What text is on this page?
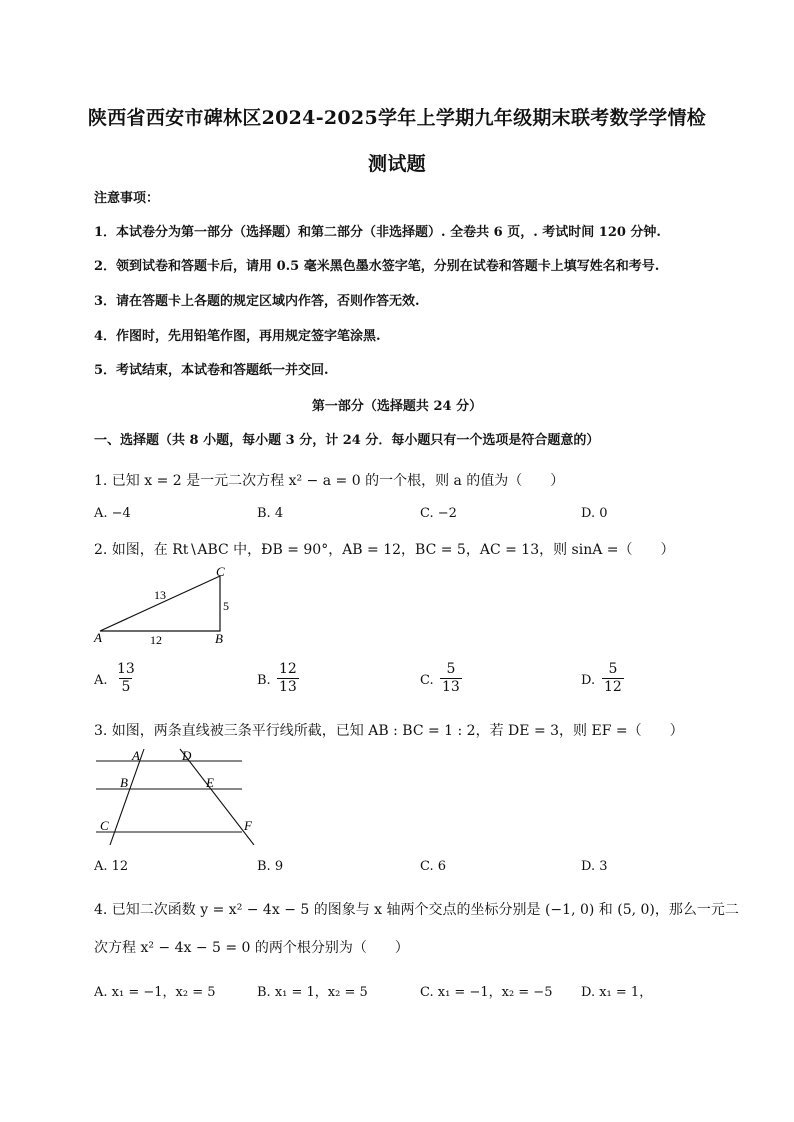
陕西省西安市碑林区2024-2025学年上学期九年级期末联考数学学情检
测试题
注意事项：
1．本试卷分为第一部分（选择题）和第二部分（非选择题）. 全卷共 6 页，. 考试时间 120 分钟.
2．领到试卷和答题卡后，请用 0.5 毫米黑色墨水签字笔，分别在试卷和答题卡上填写姓名和考号.
3．请在答题卡上各题的规定区域内作答，否则作答无效.
4．作图时，先用铅笔作图，再用规定签字笔涂黑.
5．考试结束，本试卷和答题纸一并交回.
第一部分（选择题共 24 分）
一、选择题（共 8 小题，每小题 3 分，计 24 分．每小题只有一个选项是符合题意的）
1. 已知 x = 2 是一元二次方程 x² − a = 0 的一个根，则 a 的值为（　　）
A. −4	B. 4	C. −2	D. 0
2. 如图，在 Rt∖ABC 中，ÐB = 90°，AB = 12，BC = 5，AC = 13，则 sinA =（　　）
C
A	B
13
5
12
A. $\frac{13}{5}$	B. $\frac{12}{13}$	C. $\frac{5}{13}$	D. $\frac{5}{12}$
3. 如图，两条直线被三条平行线所截，已知 AB : BC = 1 : 2，若 DE = 3，则 EF =（　　）
A
B
C
D
E
F
A. 12	B. 9	C. 6	D. 3
4. 已知二次函数 y = x² − 4x − 5 的图象与 x 轴两个交点的坐标分别是 (−1, 0) 和 (5, 0)，那么一元二
次方程 x² − 4x − 5 = 0 的两个根分别为（　　）
A. x₁ = −1，x₂ = 5	B. x₁ = 1，x₂ = 5	C. x₁ = −1，x₂ = −5 D. x₁ = 1，
